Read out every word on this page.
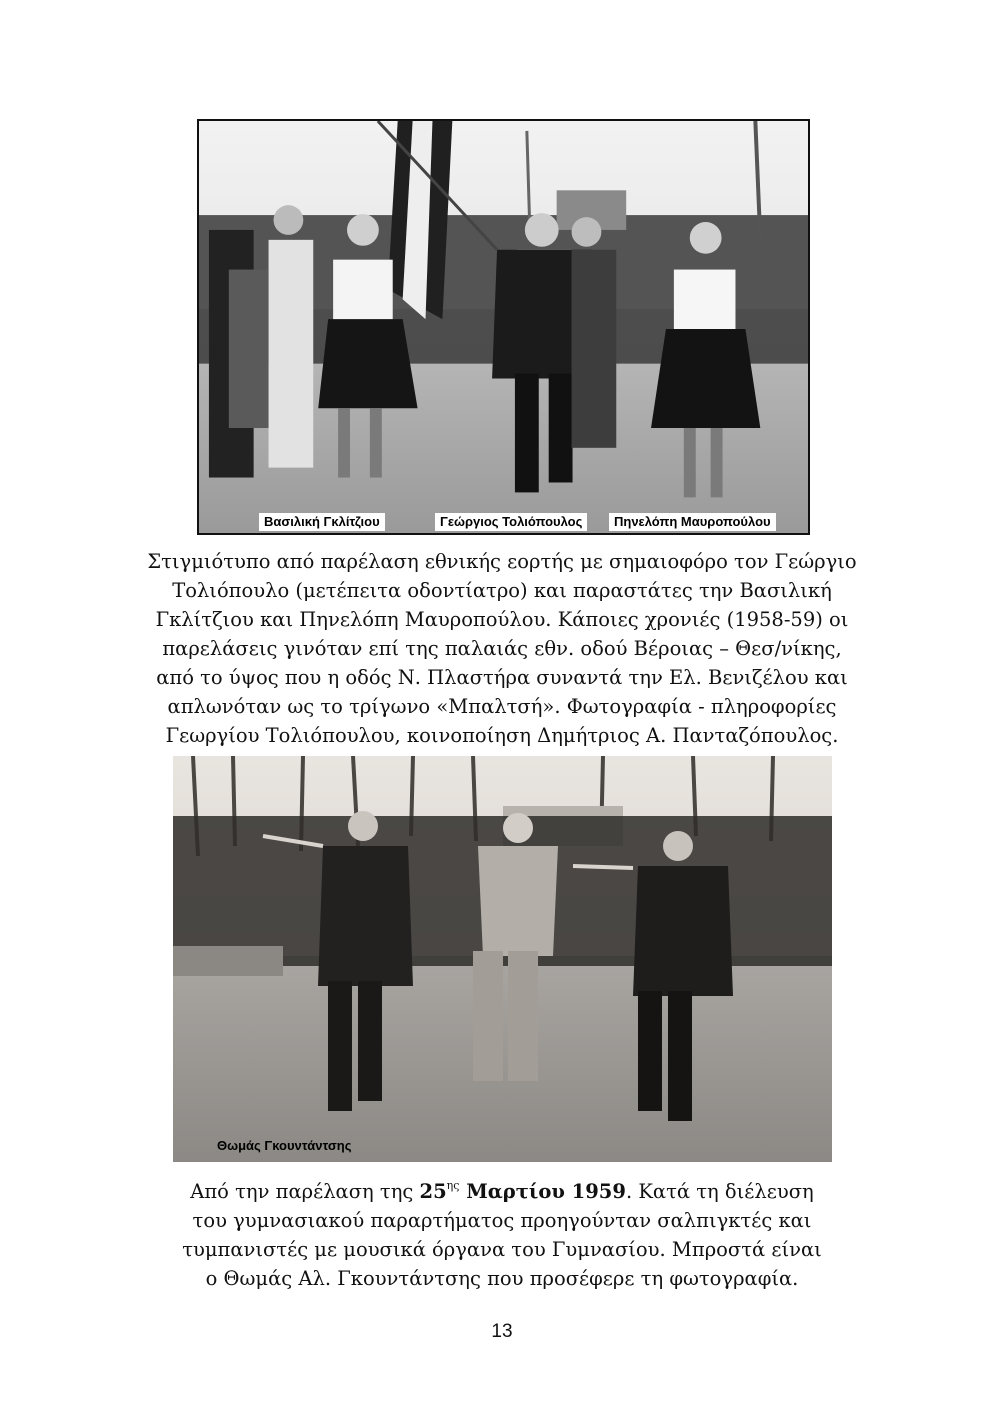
Βασιλική Γκλίτζιου	Γεώργιος Τολιόπουλος	Πηνελόπη Μαυροπούλου
Στιγμιότυπο από παρέλαση εθνικής εορτής με σημαιοφόρο τον Γεώργιο
Τολιόπουλο (μετέπειτα οδοντίατρο) και παραστάτες την Βασιλική
Γκλίτζιου και Πηνελόπη Μαυροπούλου. Κάποιες χρονιές (1958-59) οι
παρελάσεις γινόταν επί της παλαιάς εθν. οδού Βέροιας – Θεσ/νίκης,
από το ύψος που η οδός Ν. Πλαστήρα συναντά την Ελ. Βενιζέλου και
απλωνόταν ως το τρίγωνο «Μπαλτσή». Φωτογραφία - πληροφορίες
Γεωργίου Τολιόπουλου, κοινοποίηση Δημήτριος Α. Πανταζόπουλος.
Θωμάς Γκουντάντσης
Από την παρέλαση της $25^{\eta\varsigma}$ Μαρτίου 1959. Κατά τη διέλευση
του γυμνασιακού παραρτήματος προηγούνταν σαλπιγκτές και
τυμπανιστές με μουσικά όργανα του Γυμνασίου. Μπροστά είναι
ο Θωμάς Αλ. Γκουντάντσης που προσέφερε τη φωτογραφία.
13
